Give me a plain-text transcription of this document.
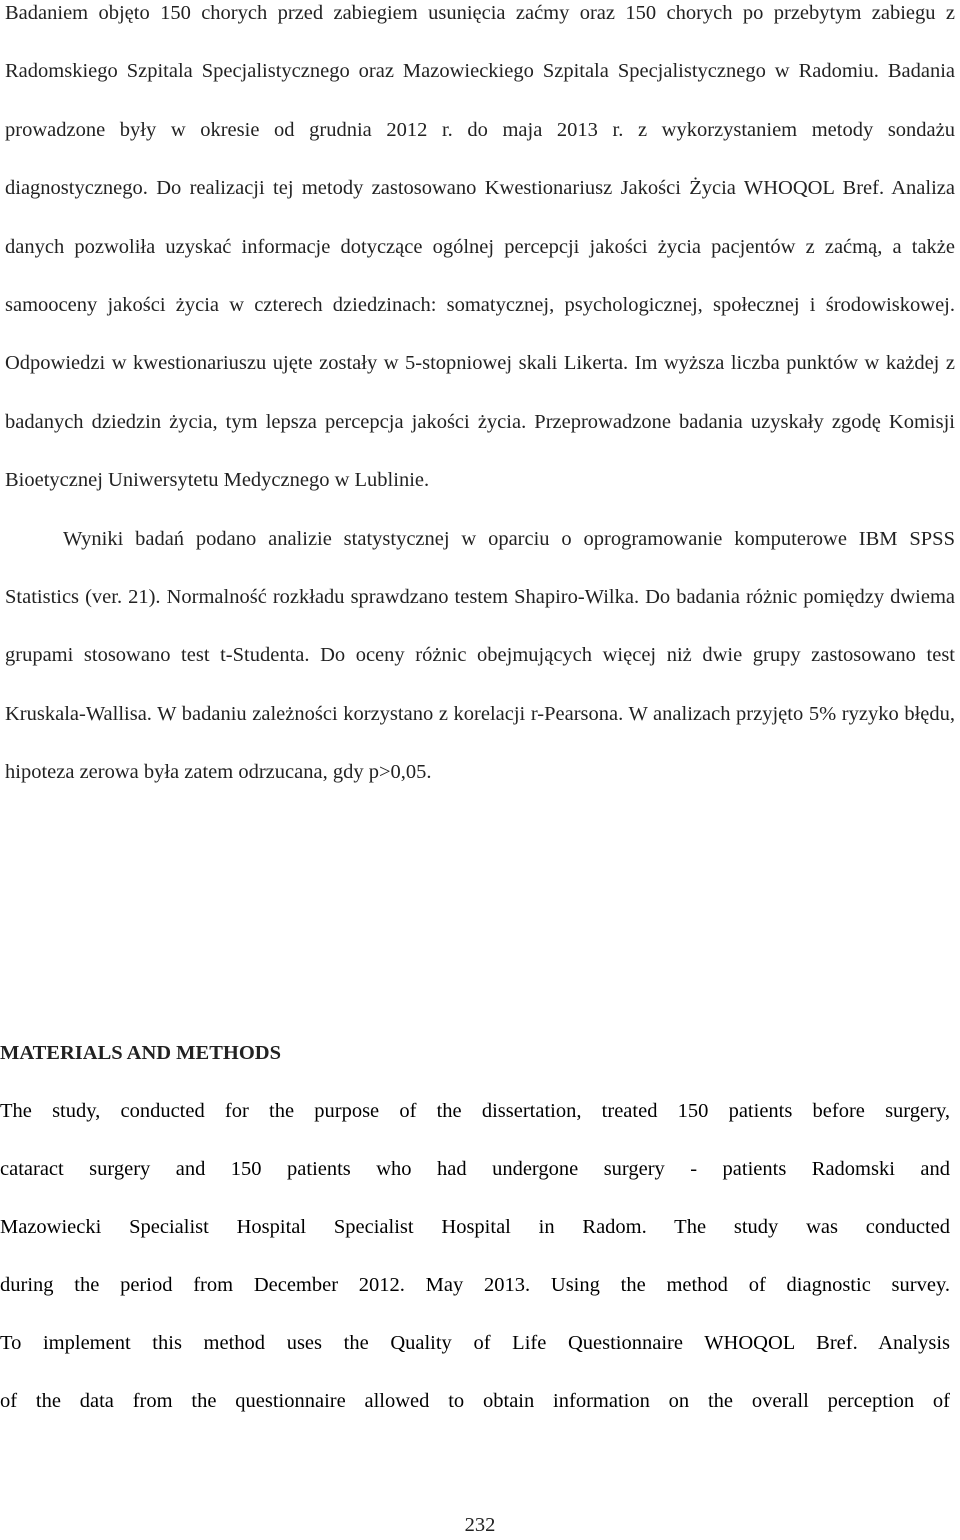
Badaniem objęto 150 chorych przed zabiegiem usunięcia zaćmy oraz 150 chorych po przebytym zabiegu z Radomskiego Szpitala Specjalistycznego oraz Mazowieckiego Szpitala Specjalistycznego w Radomiu. Badania prowadzone były w okresie od grudnia 2012 r. do maja 2013 r. z wykorzystaniem metody sondażu diagnostycznego. Do realizacji tej metody zastosowano Kwestionariusz Jakości Życia WHOQOL Bref. Analiza danych pozwoliła uzyskać informacje dotyczące ogólnej percepcji jakości życia pacjentów z zaćmą, a także samooceny jakości życia w czterech dziedzinach: somatycznej, psychologicznej, społecznej i środowiskowej. Odpowiedzi w kwestionariuszu ujęte zostały w 5-stopniowej skali Likerta. Im wyższa liczba punktów w każdej z badanych dziedzin życia, tym lepsza percepcja jakości życia. Przeprowadzone badania uzyskały zgodę Komisji Bioetycznej Uniwersytetu Medycznego w Lublinie.

Wyniki badań podano analizie statystycznej w oparciu o oprogramowanie komputerowe IBM SPSS Statistics (ver. 21). Normalność rozkładu sprawdzano testem Shapiro-Wilka. Do badania różnic pomiędzy dwiema grupami stosowano test t-Studenta. Do oceny różnic obejmujących więcej niż dwie grupy zastosowano test Kruskala-Wallisa. W badaniu zależności korzystano z korelacji r-Pearsona. W analizach przyjęto 5% ryzyko błędu, hipoteza zerowa była zatem odrzucana, gdy p>0,05.

MATERIALS AND METHODS
The study, conducted for the purpose of the dissertation, treated 150 patients before surgery,
cataract surgery and 150 patients who had undergone surgery - patients Radomski and
Mazowiecki Specialist Hospital Specialist Hospital in Radom. The study was conducted
during the period from December 2012. May 2013. Using the method of diagnostic survey.
To implement this method uses the Quality of Life Questionnaire WHOQOL Bref. Analysis
of the data from the questionnaire allowed to obtain information on the overall perception of
232
